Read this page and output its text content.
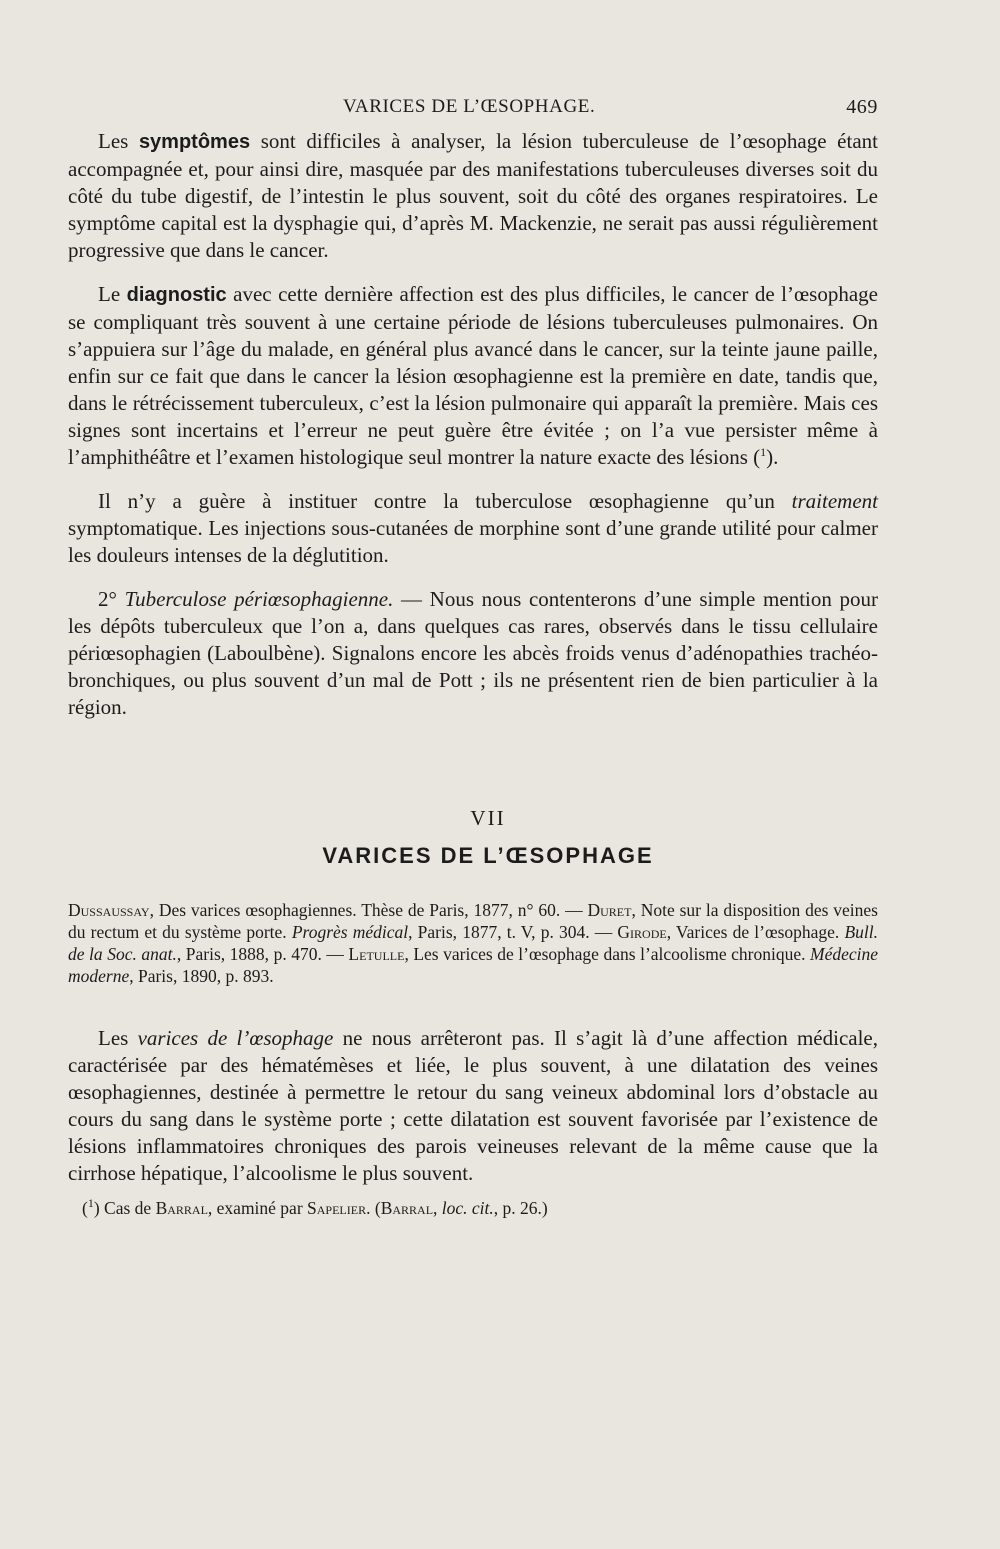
VARICES DE L’ŒSOPHAGE.	469

Les symptômes sont difficiles à analyser, la lésion tuberculeuse de l’œsophage étant accompagnée et, pour ainsi dire, masquée par des manifestations tuberculeuses diverses soit du côté du tube digestif, de l’intestin le plus souvent, soit du côté des organes respiratoires. Le symptôme capital est la dysphagie qui, d’après M. Mackenzie, ne serait pas aussi régulièrement progressive que dans le cancer.

Le diagnostic avec cette dernière affection est des plus difficiles, le cancer de l’œsophage se compliquant très souvent à une certaine période de lésions tuberculeuses pulmonaires. On s’appuiera sur l’âge du malade, en général plus avancé dans le cancer, sur la teinte jaune paille, enfin sur ce fait que dans le cancer la lésion œsophagienne est la première en date, tandis que, dans le rétrécissement tuberculeux, c’est la lésion pulmonaire qui apparaît la première. Mais ces signes sont incertains et l’erreur ne peut guère être évitée ; on l’a vue persister même à l’amphithéâtre et l’examen histologique seul montrer la nature exacte des lésions ($^1$).

Il n’y a guère à instituer contre la tuberculose œsophagienne qu’un traitement symptomatique. Les injections sous-cutanées de morphine sont d’une grande utilité pour calmer les douleurs intenses de la déglutition.

2° Tuberculose périœsophagienne. — Nous nous contenterons d’une simple mention pour les dépôts tuberculeux que l’on a, dans quelques cas rares, observés dans le tissu cellulaire périœsophagien (Laboulbène). Signalons encore les abcès froids venus d’adénopathies trachéo-bronchiques, ou plus souvent d’un mal de Pott ; ils ne présentent rien de bien particulier à la région.

VII
VARICES DE L’ŒSOPHAGE

Dussaussay, Des varices œsophagiennes. Thèse de Paris, 1877, n° 60. — Duret, Note sur la disposition des veines du rectum et du système porte. Progrès médical, Paris, 1877, t. V, p. 304. — Girode, Varices de l’œsophage. Bull. de la Soc. anat., Paris, 1888, p. 470. — Letulle, Les varices de l’œsophage dans l’alcoolisme chronique. Médecine moderne, Paris, 1890, p. 893.

Les varices de l’œsophage ne nous arrêteront pas. Il s’agit là d’une affection médicale, caractérisée par des hématémèses et liée, le plus souvent, à une dilatation des veines œsophagiennes, destinée à permettre le retour du sang veineux abdominal lors d’obstacle au cours du sang dans le système porte ; cette dilatation est souvent favorisée par l’existence de lésions inflammatoires chroniques des parois veineuses relevant de la même cause que la cirrhose hépatique, l’alcoolisme le plus souvent.

($^1$) Cas de Barral, examiné par Sapelier. (Barral, loc. cit., p. 26.)
